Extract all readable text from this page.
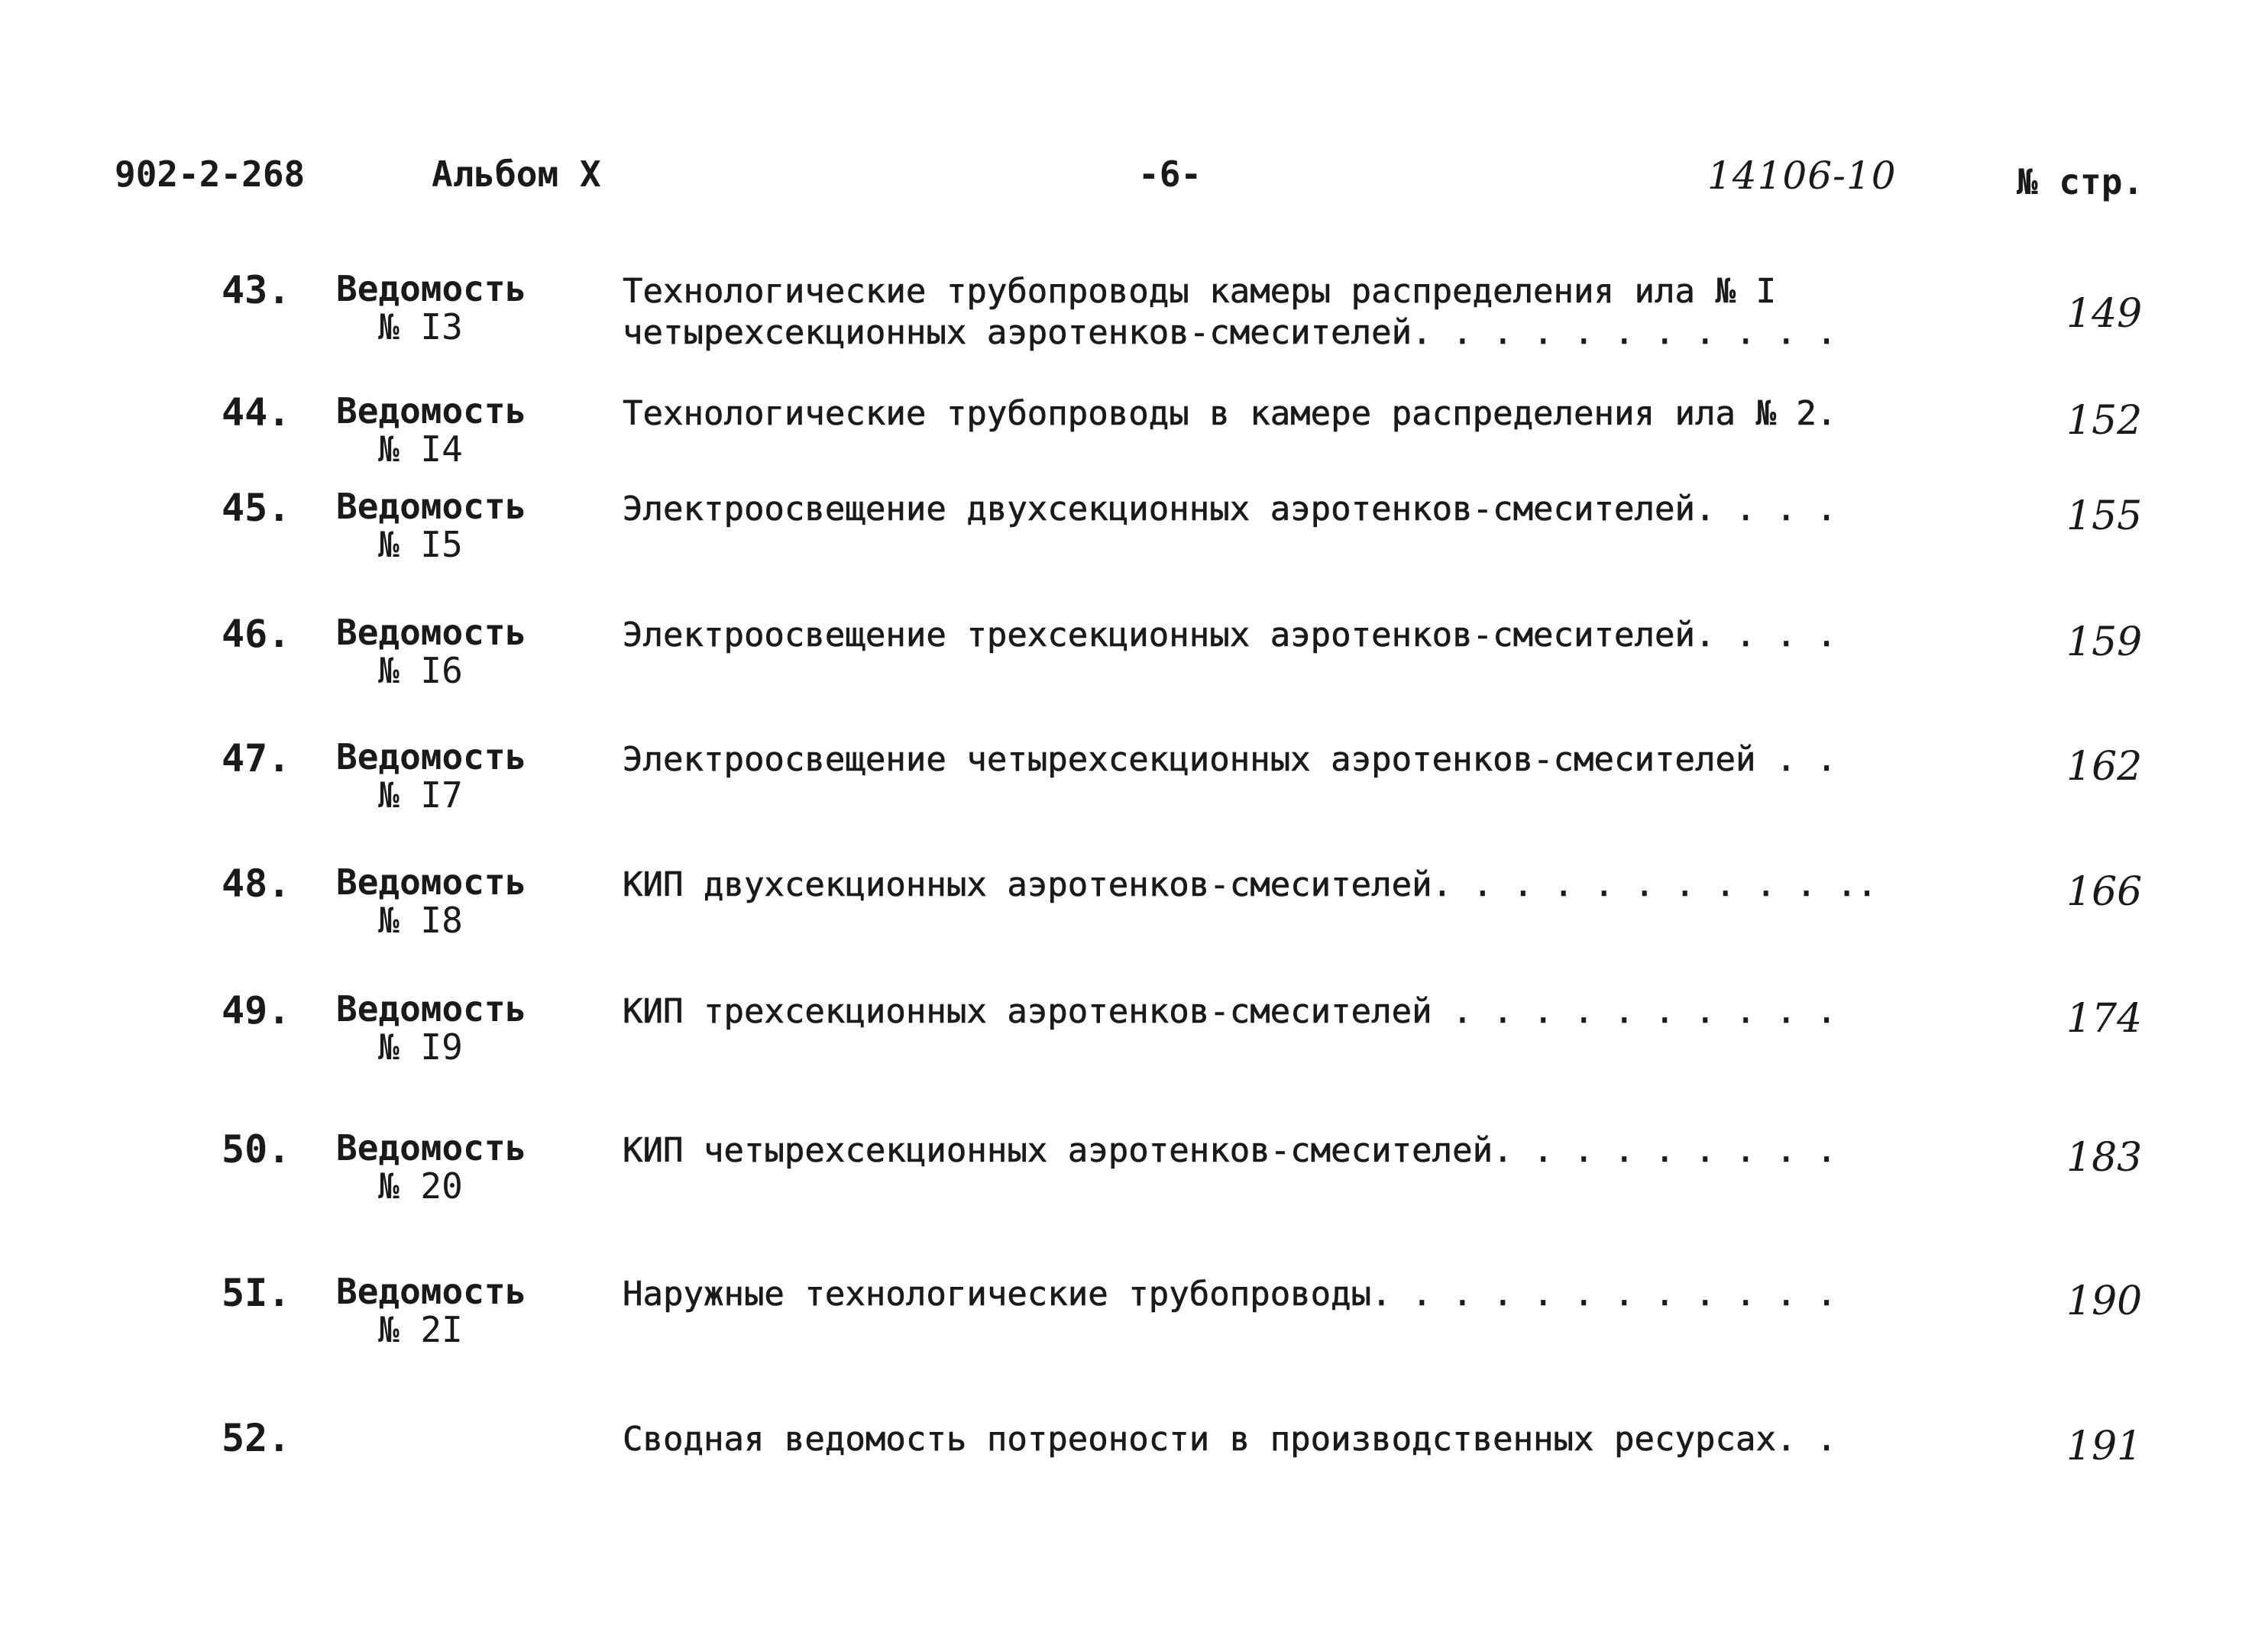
902-2-268	Альбом X	-6-	14106-10	№ стр.
43. Ведомость
№ I3
Технологические трубопроводы камеры распределения ила № I
четырехсекционных аэротенков-смесителей. . . . . . . . . . .	149
44. Ведомость
№ I4
Технологические трубопроводы в камере распределения ила № 2.	152
45. Ведомость
№ I5
Электроосвещение двухсекционных аэротенков-смесителей. . . .	155
46. Ведомость
№ I6
Электроосвещение трехсекционных аэротенков-смесителей. . . .	159
47. Ведомость
№ I7
Электроосвещение четырехсекционных аэротенков-смесителей . .	162
48. Ведомость
№ I8
КИП двухсекционных аэротенков-смесителей. . . . . . . . . . ..	166
49. Ведомость
№ I9
КИП трехсекционных аэротенков-смесителей . . . . . . . . . .	174
50. Ведомость
№ 20
КИП четырехсекционных аэротенков-смесителей. . . . . . . . .	183
5I. Ведомость
№ 2I
Наружные технологические трубопроводы. . . . . . . . . . . .	190
52.	Сводная ведомость потреоности в производственных ресурсах. .	191
